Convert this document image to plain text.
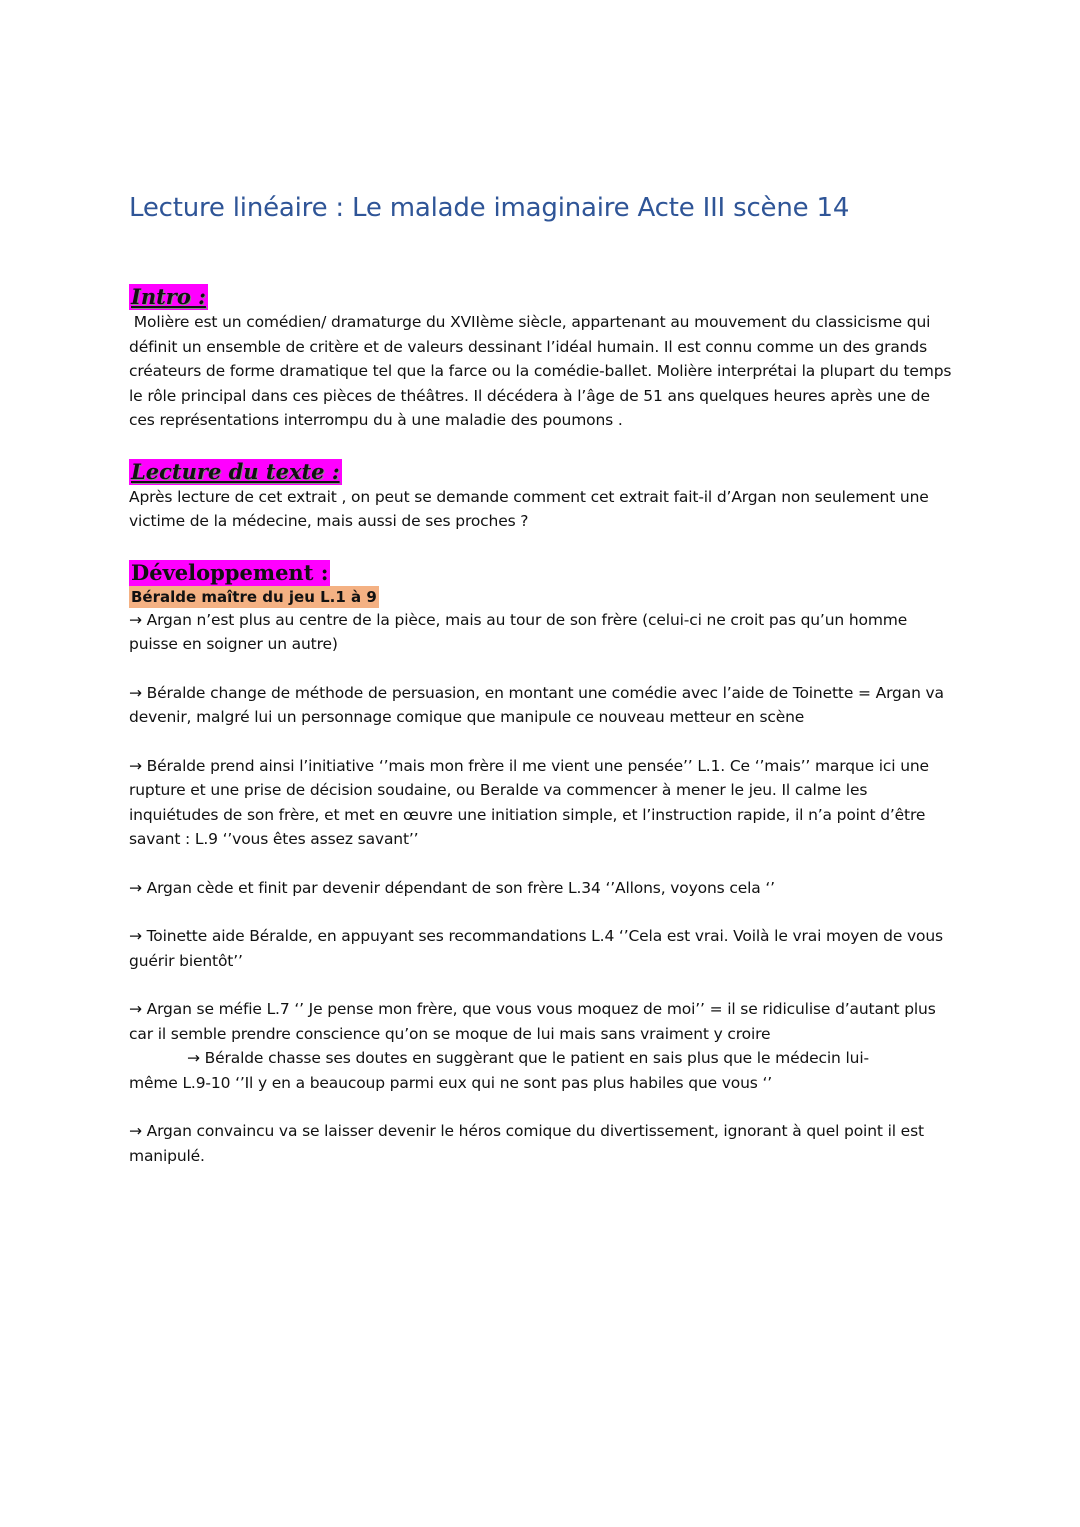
Lecture linéaire : Le malade imaginaire Acte III scène 14
Intro :

Molière est un comédien/ dramaturge du XVIIème siècle, appartenant au mouvement du classicisme qui définit un ensemble de critère et de valeurs dessinant l’idéal humain. Il est connu comme un des grands créateurs de forme dramatique tel que la farce ou la comédie-ballet. Molière interprétai la plupart du temps le rôle principal dans ces pièces de théâtres. Il décédera à l’âge de 51 ans quelques heures après une de ces représentations interrompu du à une maladie des poumons .

Lecture du texte :

Après lecture de cet extrait , on peut se demande comment cet extrait fait-il d’Argan non seulement une victime de la médecine, mais aussi de ses proches ?

Développement :
Béralde maître du jeu L.1 à 9

→ Argan n’est plus au centre de la pièce, mais au tour de son frère (celui-ci ne croit pas qu’un homme puisse en soigner un autre)

→ Béralde change de méthode de persuasion, en montant une comédie avec l’aide de Toinette = Argan va devenir, malgré lui un personnage comique que manipule ce nouveau metteur en scène

→ Béralde prend ainsi l’initiative ‘’mais mon frère il me vient une pensée’’ L.1. Ce ‘’mais’’ marque ici une rupture et une prise de décision soudaine, ou Beralde va commencer à mener le jeu. Il calme les inquiétudes de son frère, et met en œuvre une initiation simple, et l’instruction rapide, il n’a point d’être savant : L.9 ‘’vous êtes assez savant’’

→ Argan cède et finit par devenir dépendant de son frère L.34 ‘’Allons, voyons cela ‘’

→ Toinette aide Béralde, en appuyant ses recommandations L.4 ‘’Cela est vrai. Voilà le vrai moyen de vous guérir bientôt’’

→ Argan se méfie L.7 ‘’ Je pense mon frère, que vous vous moquez de moi’’ = il se ridiculise d’autant plus car il semble prendre conscience qu’on se moque de lui mais sans vraiment y croire

→ Béralde chasse ses doutes en suggèrant que le patient en sais plus que le médecin lui-
même L.9-10 ‘’Il y en a beaucoup parmi eux qui ne sont pas plus habiles que vous ‘’

→ Argan convaincu va se laisser devenir le héros comique du divertissement, ignorant à quel point il est manipulé.
